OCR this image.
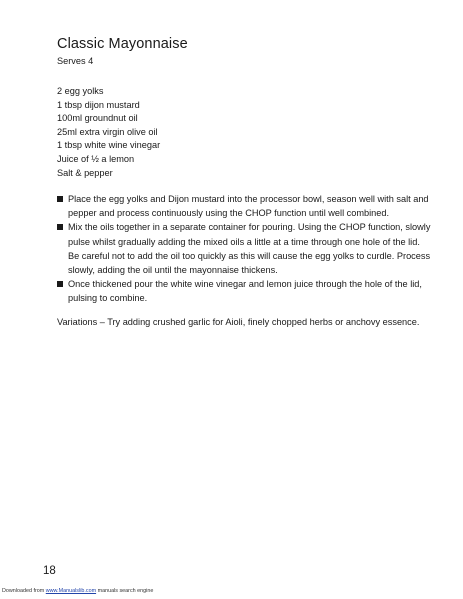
Classic Mayonnaise
Serves 4
2 egg yolks
1 tbsp dijon mustard
100ml groundnut oil
25ml extra virgin olive oil
1 tbsp white wine vinegar
Juice of ½ a lemon
Salt & pepper
Place the egg yolks and Dijon mustard into the processor bowl, season well with salt and
pepper and process continuously using the CHOP function until well combined.
Mix the oils together in a separate container for pouring. Using the CHOP function, slowly
pulse whilst gradually adding the mixed oils a little at a time through one hole of the lid.
Be careful not to add the oil too quickly as this will cause the egg yolks to curdle. Process
slowly, adding the oil until the mayonnaise thickens.
Once thickened pour the white wine vinegar and lemon juice through the hole of the lid,
pulsing to combine.
Variations – Try adding crushed garlic for Aioli, finely chopped herbs or anchovy essence.
18
Downloaded from www.Manualslib.com manuals search engine
